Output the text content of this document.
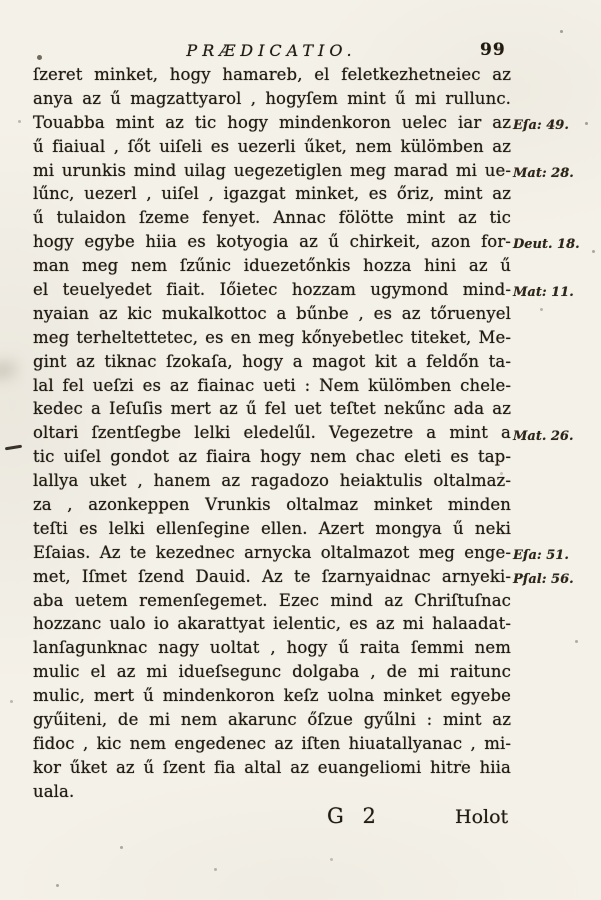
PRÆDICATIO.	99
ſzeret minket, hogy hamareb, el feletkezhetneiec az
anya az ű magzattyarol , hogyſem mint ű mi rullunc.
Touabba mint az tic hogy mindenkoron uelec iar az
ű fiaiual , ſőt uiſeli es uezerli űket, nem külömben az
mi urunkis mind uilag uegezetiglen meg marad mi ue-
lűnc, uezerl , uiſel , igazgat minket, es őriz, mint az
ű tulaidon ſzeme fenyet. Annac fölötte mint az tic
hogy egybe hiia es kotyogia az ű chirkeit, azon for-
man meg nem ſzűnic iduezetőnkis hozza hini az ű
el teuelyedet fiait. Iőietec hozzam ugymond mind-
nyaian az kic mukalkottoc a bűnbe , es az tőruenyel
meg terheltettetec, es en meg kőnyebetlec titeket, Me-
gint az tiknac ſzokaſa, hogy a magot kit a feldőn ta-
lal fel ueſzi es az fiainac ueti : Nem külömben chele-
kedec a Ieſuſis mert az ű fel uet teſtet nekűnc ada az
oltari ſzentſegbe lelki eledelűl. Vegezetre a mint a
tic uiſel gondot az fiaira hogy nem chac eleti es tap-
lallya uket , hanem az ragadozo heiaktulis oltalmaz-
za , azonkeppen Vrunkis oltalmaz minket minden
teſti es lelki ellenſegine ellen. Azert mongya ű neki
Eſaias. Az te kezednec arnycka oltalmazot meg enge-
met, Iſmet ſzend Dauid. Az te ſzarnyaidnac arnyeki-
aba uetem remenſegemet. Ezec mind az Chriſtuſnac
hozzanc ualo io akarattyat ielentic, es az mi halaadat-
lanſagunknac nagy uoltat , hogy ű raita ſemmi nem
mulic el az mi idueſsegunc dolgaba , de mi raitunc
mulic, mert ű mindenkoron keſz uolna minket egyebe
gyűiteni, de mi nem akarunc őſzue gyűlni : mint az
fidoc , kic nem engedenec az iſten hiuatallyanac , mi-
kor űket az ű ſzent fia altal az euangeliomi hitre hiia
uala.
Eſa: 49.
Mat: 28.
Deut. 18.
Mat: 11.
Mat. 26.
Eſa: 51.
Pſal: 56.
G 2	Holot
